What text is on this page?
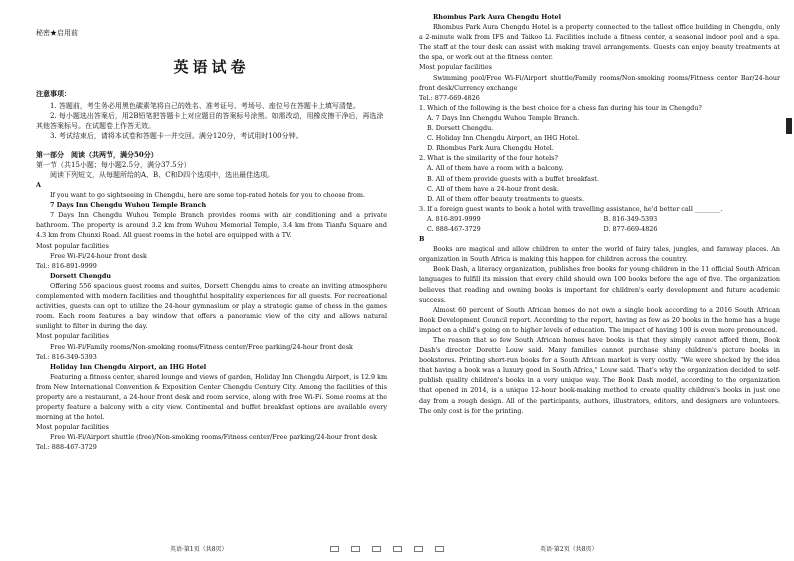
秘密★启用前
英语试卷
注意事项：
1. 答题前，考生务必用黑色碳素笔将自己的姓名、准考证号、考场号、座位号在答题卡上填写清楚。
2. 每小题选出答案后，用2B铅笔把答题卡上对应题目的答案标号涂黑。如需改动，用橡皮擦干净后，再选涂其他答案标号。在试题卷上作答无效。
3. 考试结束后，请将本试卷和答题卡一并交回。满分120分，考试用时100分钟。
第一部分　阅读（共两节，满分50分）
第一节（共15小题；每小题2.5分，满分37.5分）
阅读下列短文，从每题所给的A、B、C和D四个选项中，选出最佳选项。
A
If you want to go sightseeing in Chengdu, here are some top-rated hotels for you to choose from.
7 Days Inn Chengdu Wuhou Temple Branch
7 Days Inn Chengdu Wuhou Temple Branch provides rooms with air conditioning and a private bathroom. The property is around 3.2 km from Wuhou Memorial Temple, 3.4 km from Tianfu Square and 4.3 km from Chunxi Road. All guest rooms in the hotel are equipped with a TV.
Most popular facilities
Free Wi-Fi/24-hour front desk
Tel.: 816-891-9999
Dorsett Chengdu
Offering 556 spacious guest rooms and suites, Dorsett Chengdu aims to create an inviting atmosphere complemented with modern facilities and thoughtful hospitality experiences for all guests. For recreational activities, guests can opt to utilize the 24-hour gymnasium or play a strategic game of chess in the games room. Each room features a bay window that offers a panoramic view of the city and allows natural sunlight to filter in during the day.
Most popular facilities
Free Wi-Fi/Family rooms/Non-smoking rooms/Fitness center/Free parking/24-hour front desk
Tel.: 816-349-5393
Holiday Inn Chengdu Airport, an IHG Hotel
Featuring a fitness center, shared lounge and views of garden, Holiday Inn Chengdu Airport, is 12.9 km from New International Convention & Exposition Center Chengdu Century City. Among the facilities of this property are a restaurant, a 24-hour front desk and room service, along with free Wi-Fi. Some rooms at the property feature a balcony with a city view. Continental and buffet breakfast options are available every morning at the hotel.
Most popular facilities
Free Wi-Fi/Airport shuttle (free)/Non-smoking rooms/Fitness center/Free parking/24-hour front desk
Tel.: 888-467-3729
Rhombus Park Aura Chengdu Hotel
Rhombus Park Aura Chengdu Hotel is a property connected to the tallest office building in Chengdu, only a 2-minute walk from IFS and Taikoo Li. Facilities include a fitness center, a seasonal indoor pool and a spa. The staff at the tour desk can assist with making travel arrangements. Guests can enjoy beauty treatments at the spa, or work out at the fitness center.
Most popular facilities
Swimming pool/Free Wi-Fi/Airport shuttle/Family rooms/Non-smoking rooms/Fitness center Bar/24-hour front desk/Currency exchange
Tel.: 877-669-4826
1. Which of the following is the best choice for a chess fan during his tour in Chengdu?
A. 7 Days Inn Chengdu Wuhou Temple Branch.
B. Dorsett Chengdu.
C. Holiday Inn Chengdu Airport, an IHG Hotel.
D. Rhombus Park Aura Chengdu Hotel.
2. What is the similarity of the four hotels?
A. All of them have a room with a balcony.
B. All of them provide guests with a buffet breakfast.
C. All of them have a 24-hour front desk.
D. All of them offer beauty treatments to guests.
3. If a foreign guest wants to book a hotel with travelling assistance, he'd better call ________.
A. 816-891-9999	B. 816-349-5393
C. 888-467-3729	D. 877-669-4826
B
Books are magical and allow children to enter the world of fairy tales, jungles, and faraway places. An organization in South Africa is making this happen for children across the country.
Book Dash, a literacy organization, publishes free books for young children in the 11 official South African languages to fulfill its mission that every child should own 100 books before the age of five. The organization believes that reading and owning books is important for children's early development and future academic success.
Almost 60 percent of South African homes do not own a single book according to a 2016 South African Book Development Council report. According to the report, having as few as 20 books in the home has a huge impact on a child's going on to higher levels of education. The impact of having 100 is even more pronounced.
The reason that so few South African homes have books is that they simply cannot afford them, Book Dash's director Dorette Louw said. Many families cannot purchase shiny children's picture books in bookstores. Printing short-run books for a South African market is very costly. "We were shocked by the idea that having a book was a luxury good in South Africa," Louw said. That's why the organization decided to self-publish quality children's books in a very unique way. The Book Dash model, according to the organization that opened in 2014, is a unique 12-hour book-making method to create quality children's books in just one day from a rough design. All of the participants, authors, illustrators, editors, and designers are volunteers. The only cost is for the printing.
英语·第1页（共8页）	英语·第2页（共8页）
